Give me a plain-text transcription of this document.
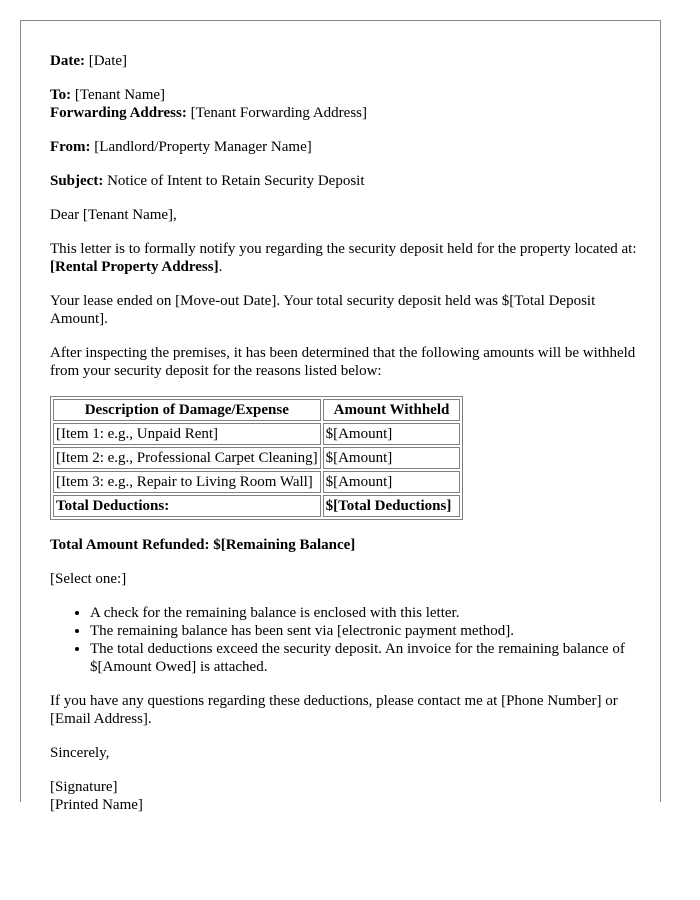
Date: [Date]

To: [Tenant Name]
Forwarding Address: [Tenant Forwarding Address]

From: [Landlord/Property Manager Name]

Subject: Notice of Intent to Retain Security Deposit

Dear [Tenant Name],

This letter is to formally notify you regarding the security deposit held for the property located at: [Rental Property Address].

Your lease ended on [Move-out Date]. Your total security deposit held was $[Total Deposit Amount].

After inspecting the premises, it has been determined that the following amounts will be withheld from your security deposit for the reasons listed below:

Description of Damage/Expense	Amount Withheld
[Item 1: e.g., Unpaid Rent]	$[Amount]
[Item 2: e.g., Professional Carpet Cleaning]	$[Amount]
[Item 3: e.g., Repair to Living Room Wall]	$[Amount]
Total Deductions:	$[Total Deductions]

Total Amount Refunded: $[Remaining Balance]

[Select one:]

• A check for the remaining balance is enclosed with this letter.
• The remaining balance has been sent via [electronic payment method].
• The total deductions exceed the security deposit. An invoice for the remaining balance of $[Amount Owed] is attached.

If you have any questions regarding these deductions, please contact me at [Phone Number] or [Email Address].

Sincerely,

[Signature]
[Printed Name]
